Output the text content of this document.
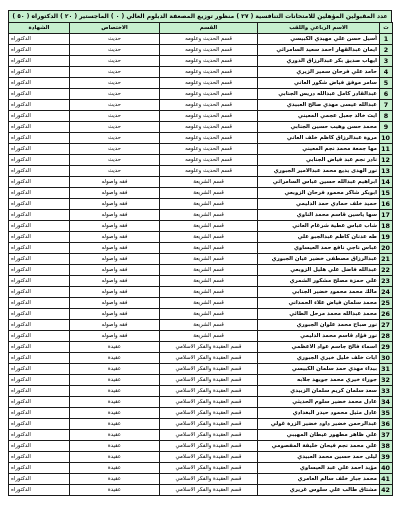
عدد المقبولين المؤهلين للامتحانات التنافسية ( ٢٧ ) منظور توزيع المصغفة الدبلوم العالي ( ٠ ) الماجستير ( ٢٠ ) الدكتوراه ( ٥٠ )
ت	الاسم الرباعي واللقب	القسم	الاختصاص	الشهادة
1	أسيل حسن علي مهيدي الكبيسي	قسم الحديث وعلومه	حديث	الدكتوراه
2	ايمان عبدالقهار احمد سعيد السامرائي	قسم الحديث وعلومه	حديث	الدكتوراه
3	ايهاب صديق بكر عبدالرزاق الدوري	قسم الحديث وعلومه	حديث	الدكتوراه
4	حامد علي فرحان سمير الزيري	قسم الحديث وعلومه	حديث	الدكتوراه
5	سامر موفق فياض شكور العاني	قسم الحديث وعلومه	حديث	الدكتوراه
6	عبدالقادر كامل عبدالله دريس الجنابي	قسم الحديث وعلومه	حديث	الدكتوراه
7	عبدالله عيسى مهدي صالح العبيدي	قسم الحديث وعلومه	حديث	الدكتوراه
8	ايث خالد جعبل عجمي المعيني	قسم الحديث وعلومه	حديث	الدكتوراه
9	محمد حسن وهيب حسين الجنابي	قسم الحديث وعلومه	حديث	الدكتوراه
10	مروة عبدالرزاق كاظم خلف العاني	قسم الحديث وعلومه	حديث	الدكتوراه
11	مها جمعة محمد نجم المعيني	قسم الحديث وعلومه	حديث	الدكتوراه
12	نادر نجم عبد فياض الجنابي	قسم الحديث وعلومه	حديث	الدكتوراه
13	نور الهدى يديع محمد عبدالامير الجبوري	قسم الحديث وعلومه	حديث	الدكتوراه
14	ابراهيم عبدالله حسين عباس السامرائي	قسم الشريعة	فقه واصوله	الدكتوراه
15	ابوبكر شاكر محمود فرحان الزوبعي	قسم الشريعة	فقه واصوله	الدكتوراه
16	حميد خلف حمادي حمد الدليمي	قسم الشريعة	فقه واصوله	الدكتوراه
17	سها ياسين قاسم محمد الناوي	قسم الشريعة	فقه واصوله	الدكتوراه
18	شاب عباس عطية شرغام العاني	قسم الشريعة	فقه واصوله	الدكتوراه
19	طه عدنان كاظم عبدالجبو علي	قسم الشريعة	فقه واصوله	الدكتوراه
20	عباس ناجي نافع حمد العيساوي	قسم الشريعة	فقه واصوله	الدكتوراه
21	عبدالرزاق مصطفى خضير عيان الجبوري	قسم الشريعة	فقه واصوله	الدكتوراه
22	عبدالله فاضل علي هليل الزوبعي	قسم الشريعة	فقه واصوله	الدكتوراه
23	علي حمزة مصلح مشكور الشمري	قسم الشريعة	فقه واصوله	الدكتوراه
24	مالك محمد محمود خضير الجنابي	قسم الشريعة	فقه واصوله	الدكتوراه
25	محمد سلمان فياض علاء الحمداني	قسم الشريعة	فقه واصوله	الدكتوراه
26	محمد عبدالله محمد مرحل الطائي	قسم الشريعة	فقه واصوله	الدكتوراه
27	نور صباح محمد علوان الجبوري	قسم الشريعة	فقه واصوله	الدكتوراه
28	نور فؤاد قاسم محمد الدليمي	قسم الشريعة	فقه واصوله	الدكتوراه
29	اسماء فالح جاسم عواد الاعظمي	قسم العقيدة والفكر الاسلامي	عقيدة	الدكتوراه
30	ايات خلف خليل خيري الجبوري	قسم العقيدة والفكر الاسلامي	عقيدة	الدكتوراه
31	بيداء مهدي حمد سلمان الكبيسي	قسم العقيدة والفكر الاسلامي	عقيدة	الدكتوراه
32	جوراء خيري محمد جويهد جلابه	قسم العقيدة والفكر الاسلامي	عقيدة	الدكتوراه
33	سعد سلمان كريم سلمان الزبيدي	قسم العقيدة والفكر الاسلامي	عقيدة	الدكتوراه
34	عادل محمد خضير سلوم الحديثي	قسم العقيدة والفكر الاسلامي	عقيدة	الدكتوراه
35	عادل مثيل محمود حيدر البغدادي	قسم العقيدة والفكر الاسلامي	عقيدة	الدكتوراه
36	عبدالرحمن خضير داود خضير الزرة غولي	قسم العقيدة والفكر الاسلامي	عقيدة	الدكتوراه
37	علي ظاهر مطهور عيطان المهيبي	قسم العقيدة والفكر الاسلامي	عقيدة	الدكتوراه
38	علي محمد نجم فيحان خليفة المفصومي	قسم العقيدة والفكر الاسلامي	عقيدة	الدكتوراه
39	ليلى حمد حسين محمد العبيدي	قسم العقيدة والفكر الاسلامي	عقيدة	الدكتوراه
40	مؤيد احمد علي عبد العيساوي	قسم العقيدة والفكر الاسلامي	عقيدة	الدكتوراه
41	محمد جبار خلف سالم العامري	قسم العقيدة والفكر الاسلامي	عقيدة	الدكتوراه
42	مشتاق طالب علي سلوس غريري	قسم العقيدة والفكر الاسلامي	عقيدة	الدكتوراه
